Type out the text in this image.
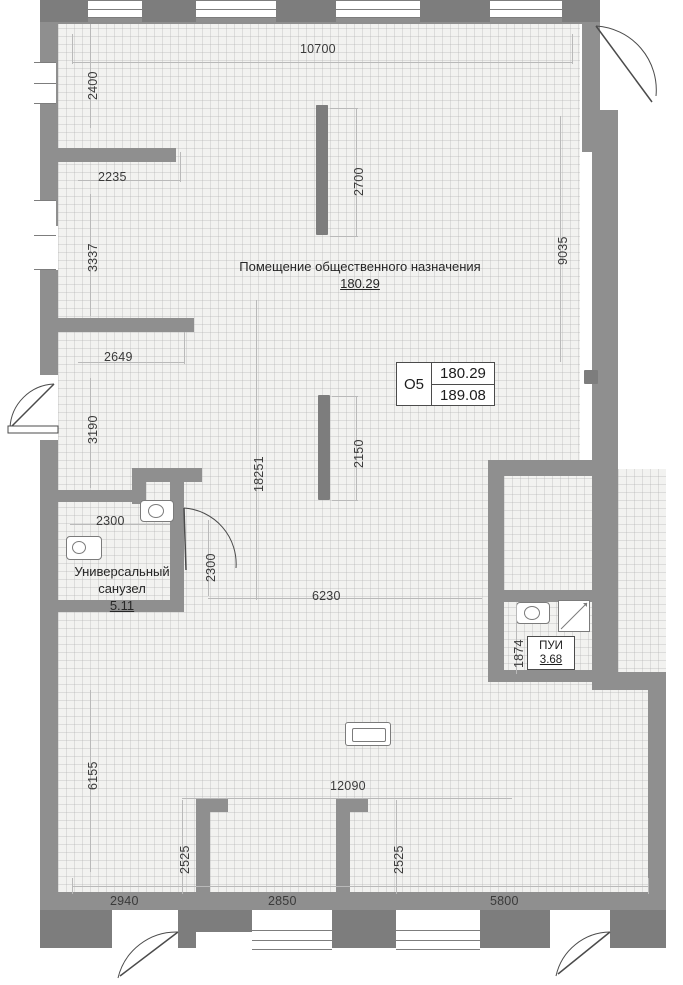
10700
9035
2700
2150
18251
6230
12090
2400
2235
3337
2649
3190
6155
2300
2300
1874
2525	2525
2940	2850	5800
Помещение общественного назначения
180.29
O5
180.29
189.08
Универсальный
санузел
5.11
ПУИ
3.68
